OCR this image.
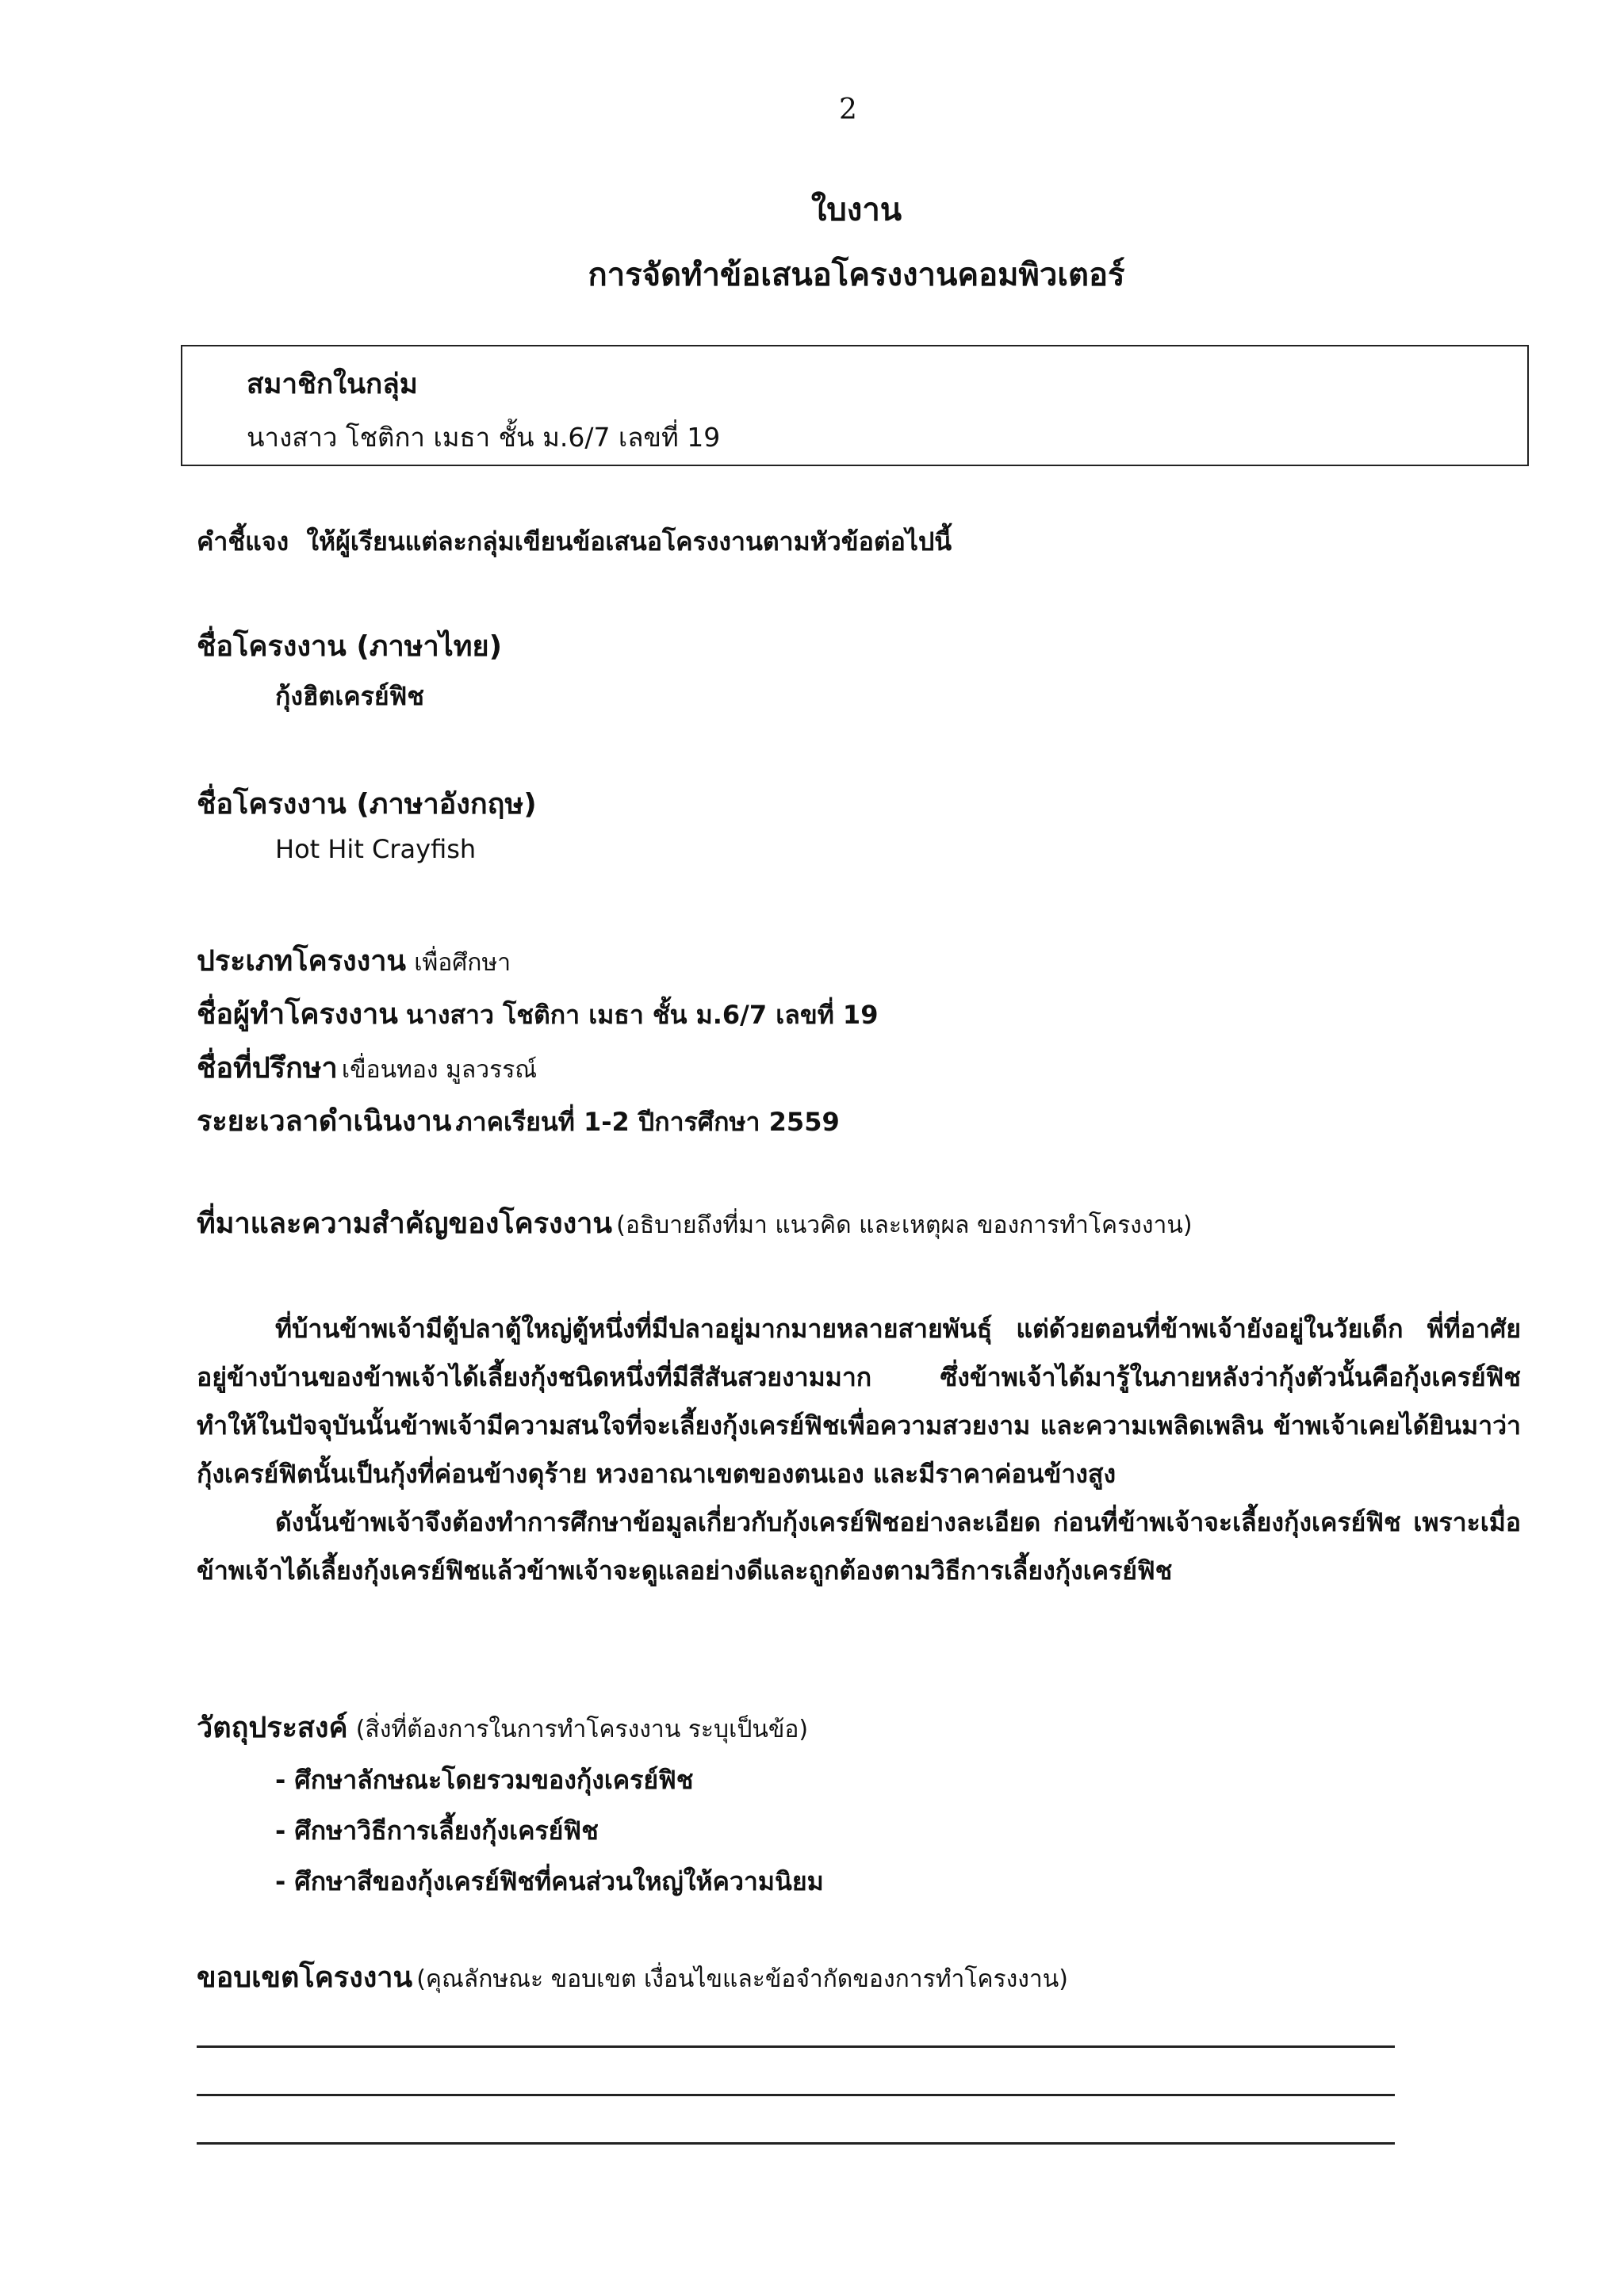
2
ใบงาน
การจัดทำข้อเสนอโครงงานคอมพิวเตอร์
สมาชิกในกลุ่ม
นางสาว โชติกา เมธา ชั้น ม.6/7 เลขที่ 19
คำชี้แจง ให้ผู้เรียนแต่ละกลุ่มเขียนข้อเสนอโครงงานตามหัวข้อต่อไปนี้
ชื่อโครงงาน (ภาษาไทย)
กุ้งฮิตเครย์ฟิช
ชื่อโครงงาน (ภาษาอังกฤษ)
Hot Hit Crayfish
ประเภทโครงงาน เพื่อศึกษา
ชื่อผู้ทำโครงงาน นางสาว โชติกา เมธา ชั้น ม.6/7 เลขที่ 19
ชื่อที่ปรึกษา เขื่อนทอง มูลวรรณ์
ระยะเวลาดำเนินงาน ภาคเรียนที่ 1-2 ปีการศึกษา 2559
ที่มาและความสำคัญของโครงงาน (อธิบายถึงที่มา แนวคิด และเหตุผล ของการทำโครงงาน)

ที่บ้านข้าพเจ้ามีตู้ปลาตู้ใหญ่ตู้หนึ่งที่มีปลาอยู่มากมายหลายสายพันธุ์ แต่ด้วยตอนที่ข้าพเจ้ายังอยู่ในวัยเด็ก พี่ที่อาศัยอยู่ข้างบ้านของข้าพเจ้าได้เลี้ยงกุ้งชนิดหนึ่งที่มีสีสันสวยงามมาก ซึ่งข้าพเจ้าได้มารู้ในภายหลังว่ากุ้งตัวนั้นคือกุ้งเครย์ฟิช ทำให้ในปัจจุบันนั้นข้าพเจ้ามีความสนใจที่จะเลี้ยงกุ้งเครย์ฟิชเพื่อความสวยงาม และความเพลิดเพลิน ข้าพเจ้าเคยได้ยินมาว่ากุ้งเครย์ฟิตนั้นเป็นกุ้งที่ค่อนข้างดุร้าย หวงอาณาเขตของตนเอง และมีราคาค่อนข้างสูง

ดังนั้นข้าพเจ้าจึงต้องทำการศึกษาข้อมูลเกี่ยวกับกุ้งเครย์ฟิชอย่างละเอียด ก่อนที่ข้าพเจ้าจะเลี้ยงกุ้งเครย์ฟิช เพราะเมื่อข้าพเจ้าได้เลี้ยงกุ้งเครย์ฟิชแล้วข้าพเจ้าจะดูแลอย่างดีและถูกต้องตามวิธีการเลี้ยงกุ้งเครย์ฟิช

วัตถุประสงค์ (สิ่งที่ต้องการในการทำโครงงาน ระบุเป็นข้อ)
- ศึกษาลักษณะโดยรวมของกุ้งเครย์ฟิช
- ศึกษาวิธีการเลี้ยงกุ้งเครย์ฟิช
- ศึกษาสีของกุ้งเครย์ฟิชที่คนส่วนใหญ่ให้ความนิยม
ขอบเขตโครงงาน (คุณลักษณะ ขอบเขต เงื่อนไขและข้อจำกัดของการทำโครงงาน)
